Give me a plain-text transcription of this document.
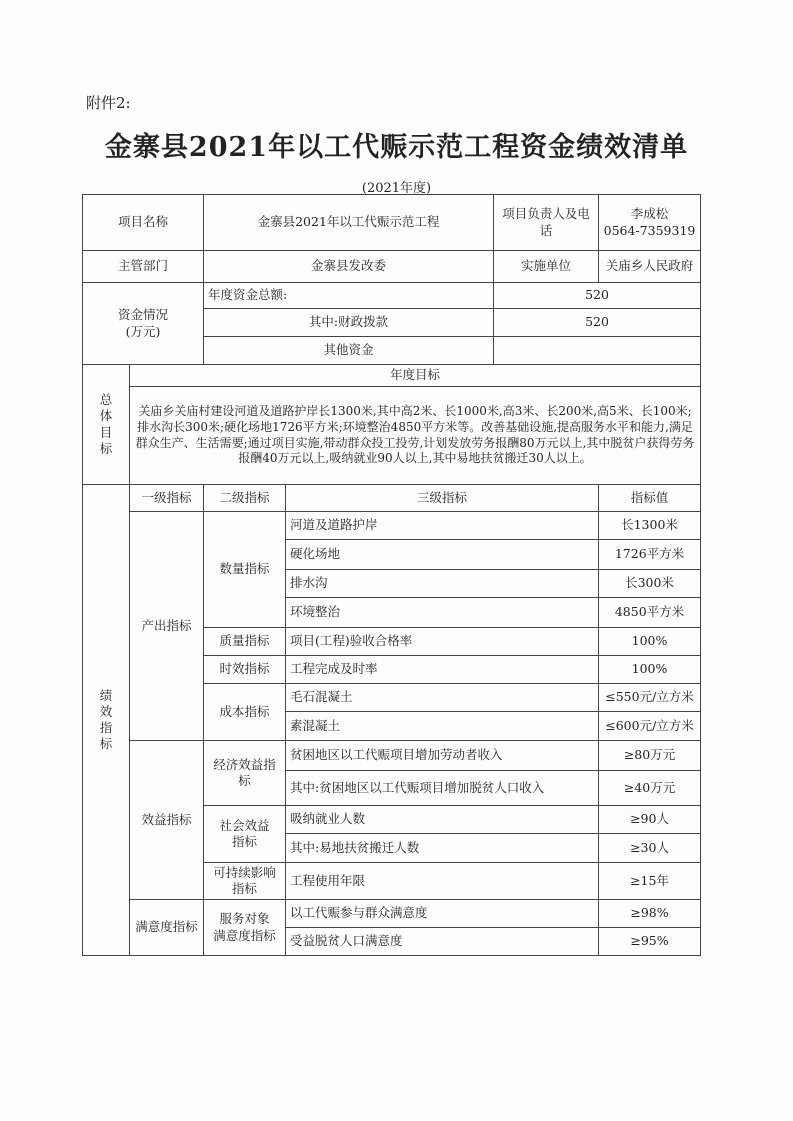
附件2:
金寨县2021年以工代赈示范工程资金绩效清单
(2021年度)
项目名称		金寨县2021年以工代赈示范工程		项目负责人及电话	李成松
0564-7359319

主管部门		金寨县发改委		实施单位	关庙乡人民政府

资金情况
(万元)		年度资金总额:		520	
		其中:财政拨款		520	
		其他资金			
总
体
目
标	年度目标				
	关庙乡关庙村建设河道及道路护岸长1300米,其中高2米、长1000米,高3米、长200米,高5米、长100米;排水沟长300米;硬化场地1726平方米;环境整治4850平方米等。改善基础设施,提高服务水平和能力,满足群众生产、生活需要;通过项目实施,带动群众投工投劳,计划发放劳务报酬80万元以上,其中脱贫户获得劳务报酬40万元以上,吸纳就业90人以上,其中易地扶贫搬迁30人以上。				
绩
效
指
标	一级指标	二级指标	三级指标		指标值
	产出指标	数量指标	河道及道路护岸		长1300米
			硬化场地		1726平方米
			排水沟		长300米
			环境整治		4850平方米
		质量指标	项目(工程)验收合格率		100%
		时效指标	工程完成及时率		100%
		成本指标	毛石混凝土		≤550元/立方米
			素混凝土		≤600元/立方米
	效益指标	经济效益指标	贫困地区以工代赈项目增加劳动者收入		≥80万元
			其中:贫困地区以工代赈项目增加脱贫人口收入		≥40万元
		社会效益
指标	吸纳就业人数		≥90人
			其中:易地扶贫搬迁人数		≥30人
		可持续影响
指标	工程使用年限		≥15年
	满意度指标	服务对象
满意度指标	以工代赈参与群众满意度		≥98%
			受益脱贫人口满意度		≥95%
